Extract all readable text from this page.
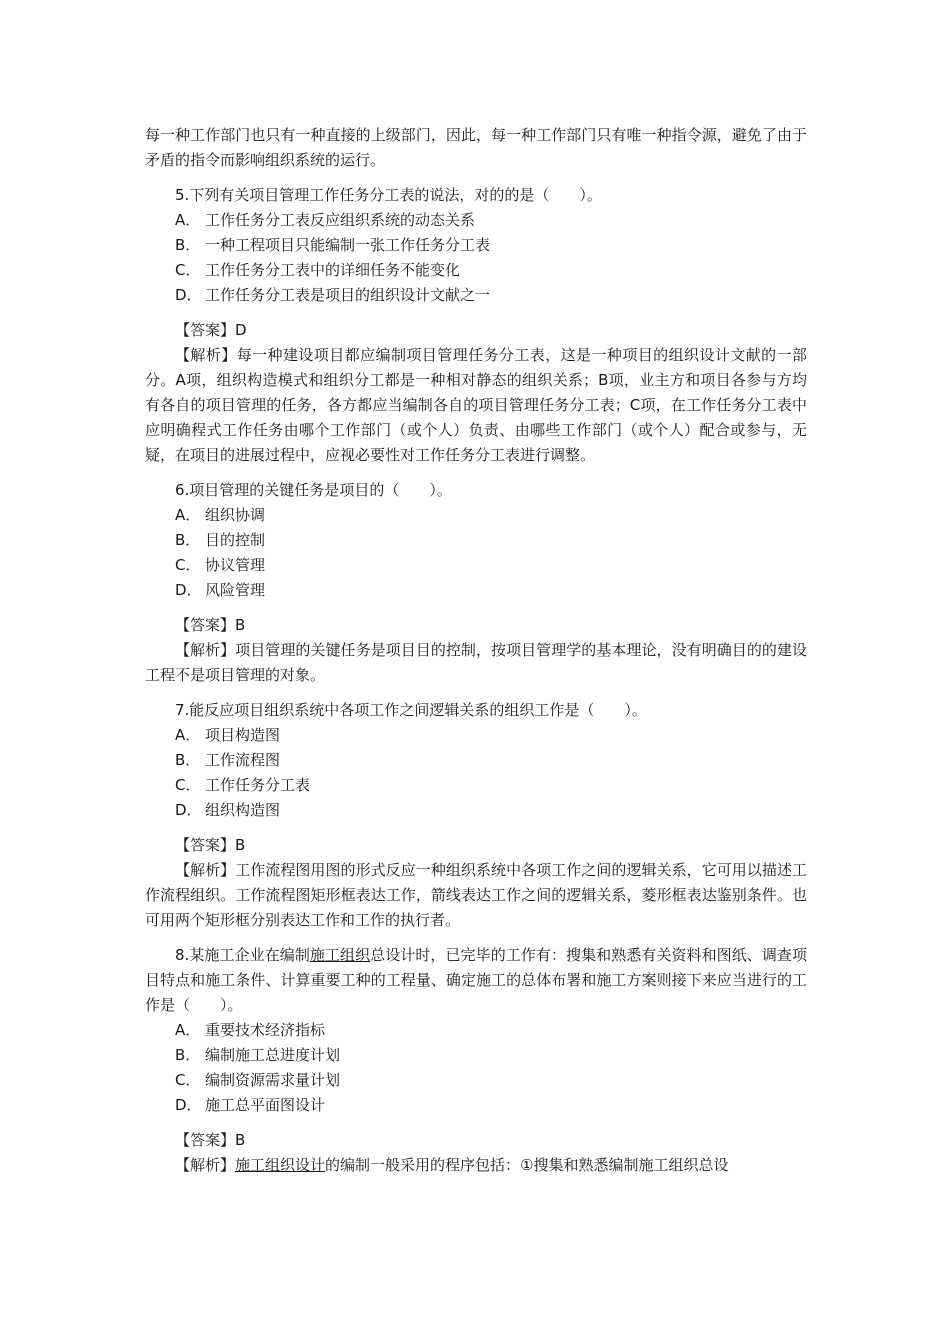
每一种工作部门也只有一种直接的上级部门，因此，每一种工作部门只有唯一种指令源，避免了由于矛盾的指令而影响组织系统的运行。

5.下列有关项目管理工作任务分工表的说法，对的的是（　　）。

A． 工作任务分工表反应组织系统的动态关系
B． 一种工程项目只能编制一张工作任务分工表
C． 工作任务分工表中的详细任务不能变化
D． 工作任务分工表是项目的组织设计文献之一

【答案】D

【解析】每一种建设项目都应编制项目管理任务分工表，这是一种项目的组织设计文献的一部分。A项，组织构造模式和组织分工都是一种相对静态的组织关系；B项，业主方和项目各参与方均有各自的项目管理的任务，各方都应当编制各自的项目管理任务分工表；C项，在工作任务分工表中应明确程式工作任务由哪个工作部门（或个人）负责、由哪些工作部门（或个人）配合或参与，无疑，在项目的进展过程中，应视必要性对工作任务分工表进行调整。

6.项目管理的关键任务是项目的（　　）。

A． 组织协调
B． 目的控制
C． 协议管理
D． 风险管理

【答案】B

【解析】项目管理的关键任务是项目目的控制，按项目管理学的基本理论，没有明确目的的建设工程不是项目管理的对象。

7.能反应项目组织系统中各项工作之间逻辑关系的组织工作是（　　）。

A． 项目构造图
B． 工作流程图
C． 工作任务分工表
D． 组织构造图

【答案】B

【解析】工作流程图用图的形式反应一种组织系统中各项工作之间的逻辑关系，它可用以描述工作流程组织。工作流程图矩形框表达工作，箭线表达工作之间的逻辑关系，菱形框表达鉴别条件。也可用两个矩形框分别表达工作和工作的执行者。

8.某施工企业在编制施工组织总设计时，已完毕的工作有：搜集和熟悉有关资料和图纸、调查项目特点和施工条件、计算重要工种的工程量、确定施工的总体布署和施工方案则接下来应当进行的工作是（　　）。

A． 重要技术经济指标
B． 编制施工总进度计划
C． 编制资源需求量计划
D． 施工总平面图设计

【答案】B

【解析】施工组织设计的编制一般采用的程序包括：①搜集和熟悉编制施工组织总设
